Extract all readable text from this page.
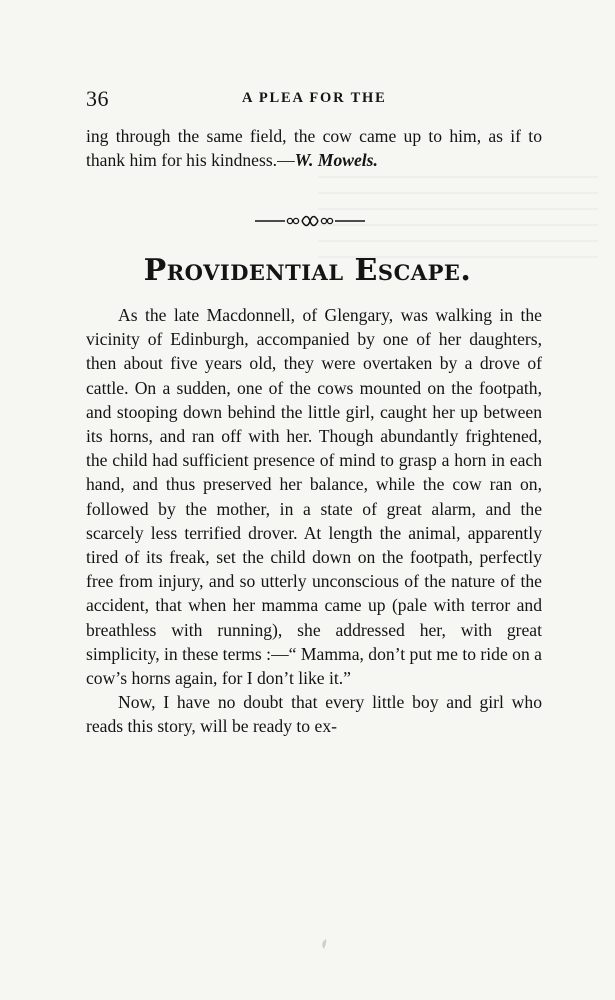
36	A PLEA FOR THE
ing through the same field, the cow came up to him, as if to thank him for his kindness.—W. Mowels.
Providential Escape.
As the late Macdonnell, of Glengary, was walking in the vicinity of Edinburgh, accompanied by one of her daughters, then about five years old, they were overtaken by a drove of cattle. On a sudden, one of the cows mounted on the footpath, and stooping down behind the little girl, caught her up between its horns, and ran off with her. Though abundantly frightened, the child had sufficient presence of mind to grasp a horn in each hand, and thus preserved her balance, while the cow ran on, followed by the mother, in a state of great alarm, and the scarcely less terrified drover. At length the animal, apparently tired of its freak, set the child down on the footpath, perfectly free from injury, and so utterly unconscious of the nature of the accident, that when her mamma came up (pale with terror and breathless with running), she addressed her, with great simplicity, in these terms :—“ Mamma, don’t put me to ride on a cow’s horns again, for I don’t like it.”
Now, I have no doubt that every little boy and girl who reads this story, will be ready to ex-
